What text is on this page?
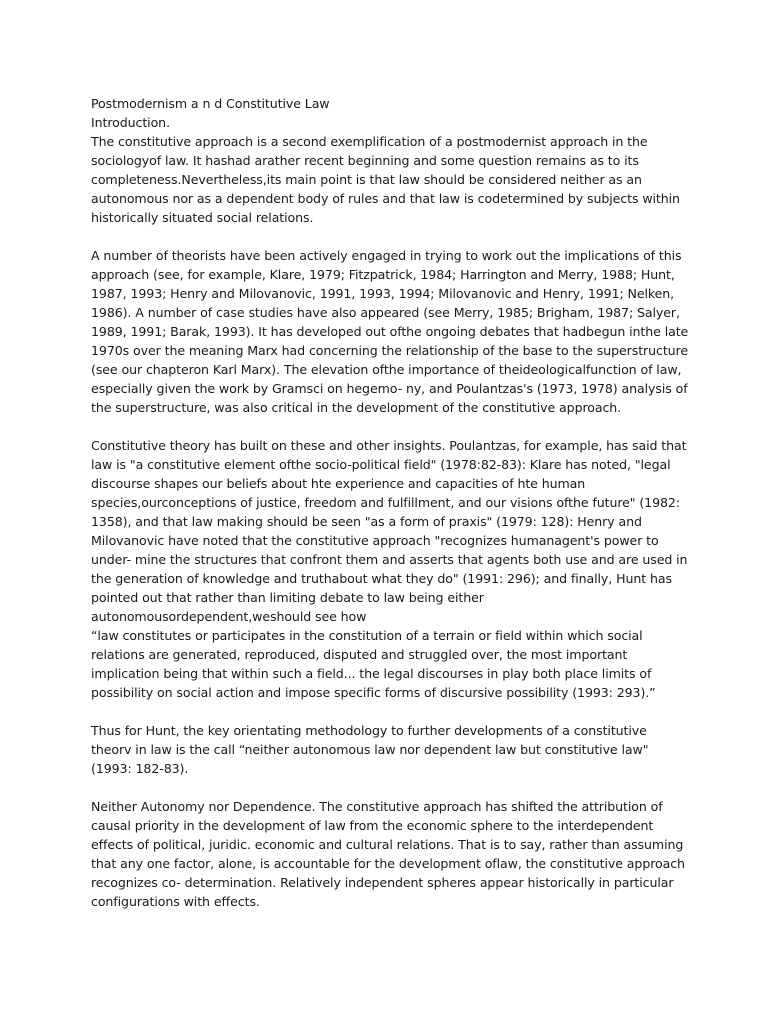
Postmodernism a n d Constitutive Law
Introduction.
The constitutive approach is a second exemplification of a postmodernist approach in the
sociologyof law. It hashad arather recent beginning and some question remains as to its
completeness.Nevertheless,its main point is that law should be considered neither as an
autonomous nor as a dependent body of rules and that law is codetermined by subjects within
historically situated social relations.
A number of theorists have been actively engaged in trying to work out the implications of this
approach (see, for example, Klare, 1979; Fitzpatrick, 1984; Harrington and Merry, 1988; Hunt,
1987, 1993; Henry and Milovanovic, 1991, 1993, 1994; Milovanovic and Henry, 1991; Nelken,
1986). A number of case studies have also appeared (see Merry, 1985; Brigham, 1987; Salyer,
1989, 1991; Barak, 1993). It has developed out ofthe ongoing debates that hadbegun inthe late
1970s over the meaning Marx had concerning the relationship of the base to the superstructure
(see our chapteron Karl Marx). The elevation ofthe importance of theideologicalfunction of law,
especially given the work by Gramsci on hegemo- ny, and Poulantzas's (1973, 1978) analysis of
the superstructure, was also critical in the development of the constitutive approach.
Constitutive theory has built on these and other insights. Poulantzas, for example, has said that
law is "a constitutive element ofthe socio-political field" (1978:82-83): Klare has noted, "legal
discourse shapes our beliefs about hte experience and capacities of hte human
species,ourconceptions of justice, freedom and fulfillment, and our visions ofthe future" (1982:
1358), and that law making should be seen "as a form of praxis" (1979: 128): Henry and
Milovanovic have noted that the constitutive approach "recognizes humanagent's power to
under- mine the structures that confront them and asserts that agents both use and are used in
the generation of knowledge and truthabout what they do" (1991: 296); and finally, Hunt has
pointed out that rather than limiting debate to law being either
autonomousordependent,weshould see how
“law constitutes or participates in the constitution of a terrain or field within which social
relations are generated, reproduced, disputed and struggled over, the most important
implication being that within such a field... the legal discourses in play both place limits of
possibility on social action and impose specific forms of discursive possibility (1993: 293).”
Thus for Hunt, the key orientating methodology to further developments of a constitutive
theorv in law is the call “neither autonomous law nor dependent law but constitutive law"
(1993: 182-83).
Neither Autonomy nor Dependence. The constitutive approach has shifted the attribution of
causal priority in the development of law from the economic sphere to the interdependent
effects of political, juridic. economic and cultural relations. That is to say, rather than assuming
that any one factor, alone, is accountable for the development oflaw, the constitutive approach
recognizes co- determination. Relatively independent spheres appear historically in particular
configurations with effects.
